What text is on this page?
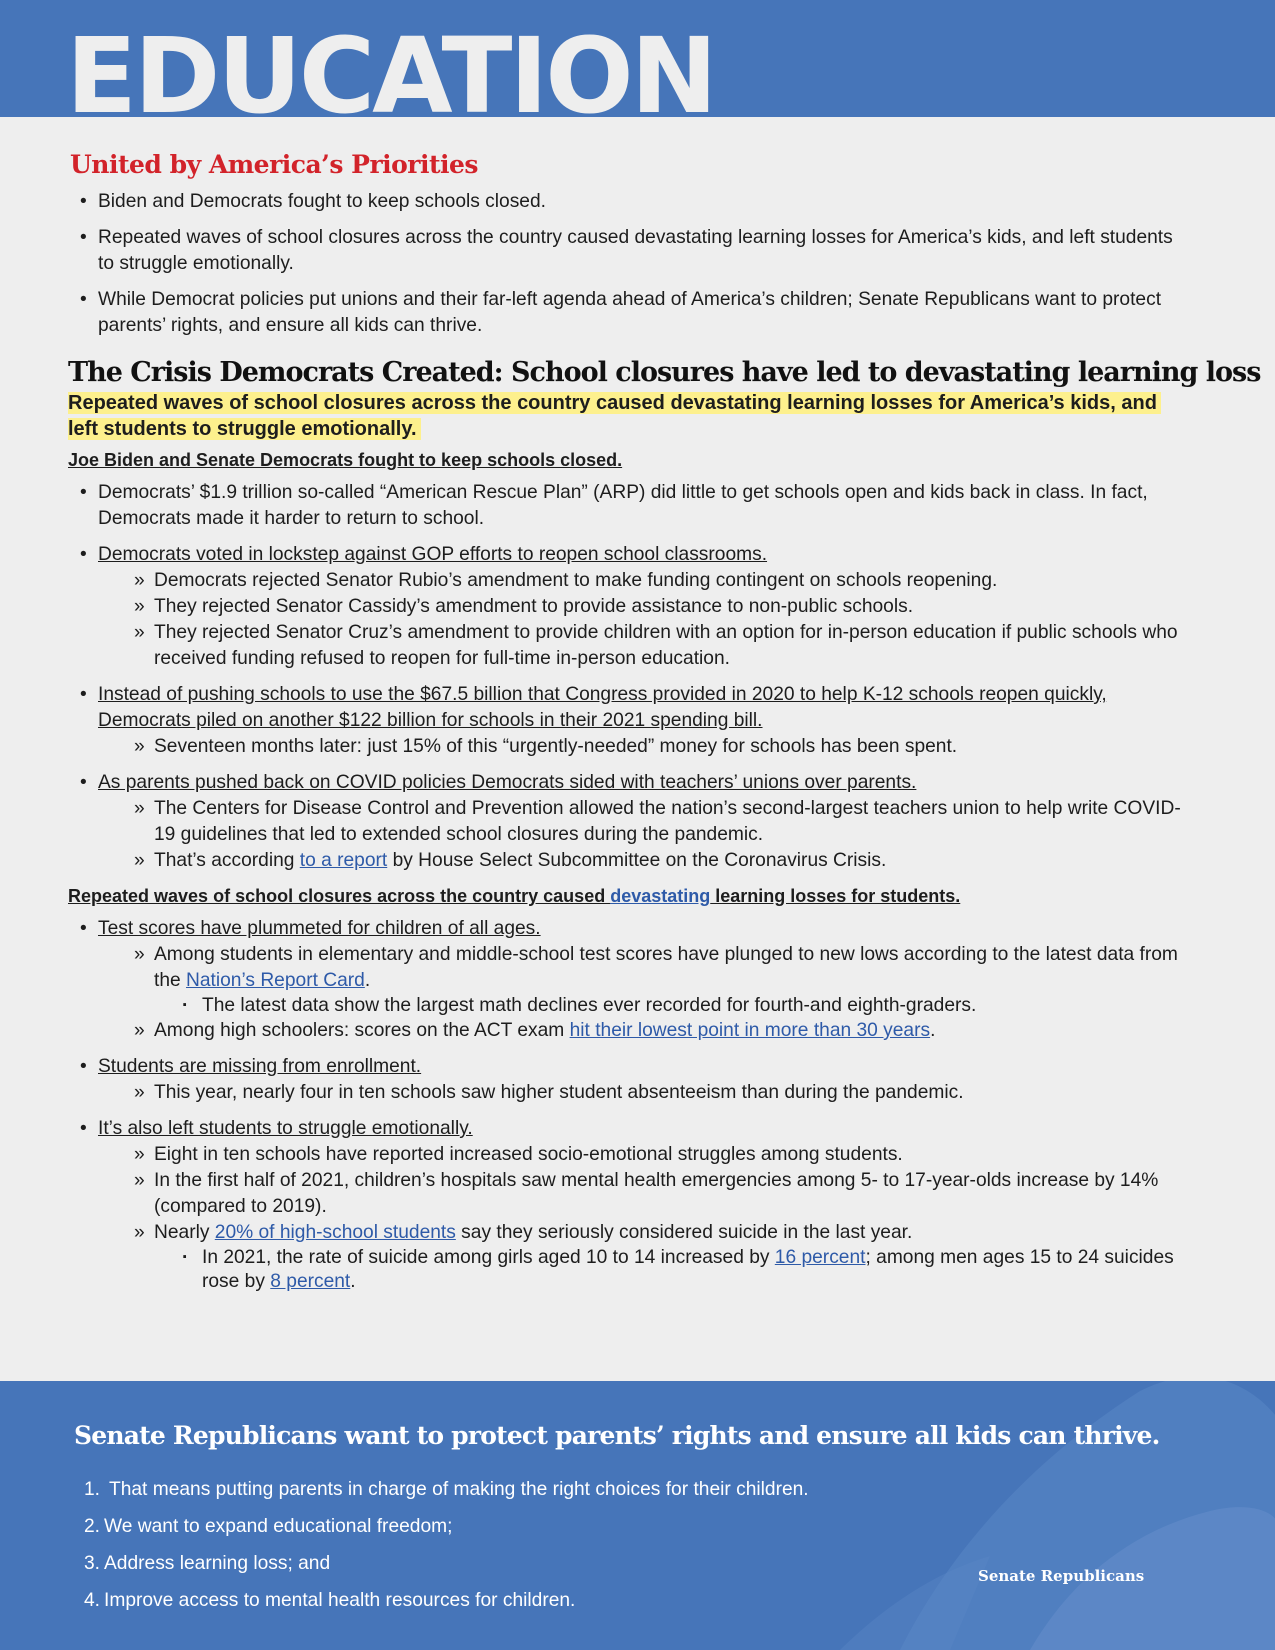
EDUCATION
United by America’s Priorities
• Biden and Democrats fought to keep schools closed.
• Repeated waves of school closures across the country caused devastating learning losses for America’s kids, and left students to struggle emotionally.
• While Democrat policies put unions and their far-left agenda ahead of America’s children; Senate Republicans want to protect parents’ rights, and ensure all kids can thrive.
The Crisis Democrats Created: School closures have led to devastating learning loss
Repeated waves of school closures across the country caused devastating learning losses for America’s kids, and left students to struggle emotionally.
Joe Biden and Senate Democrats fought to keep schools closed.
• Democrats’ $1.9 trillion so-called “American Rescue Plan” (ARP) did little to get schools open and kids back in class. In fact, Democrats made it harder to return to school.
• Democrats voted in lockstep against GOP efforts to reopen school classrooms.
» Democrats rejected Senator Rubio’s amendment to make funding contingent on schools reopening.
» They rejected Senator Cassidy’s amendment to provide assistance to non-public schools.
» They rejected Senator Cruz’s amendment to provide children with an option for in-person education if public schools who received funding refused to reopen for full-time in-person education.
• Instead of pushing schools to use the $67.5 billion that Congress provided in 2020 to help K-12 schools reopen quickly, Democrats piled on another $122 billion for schools in their 2021 spending bill.
» Seventeen months later: just 15% of this “urgently-needed” money for schools has been spent.
• As parents pushed back on COVID policies Democrats sided with teachers’ unions over parents.
» The Centers for Disease Control and Prevention allowed the nation’s second-largest teachers union to help write COVID-19 guidelines that led to extended school closures during the pandemic.
» That’s according to a report by House Select Subcommittee on the Coronavirus Crisis.
Repeated waves of school closures across the country caused devastating learning losses for students.
• Test scores have plummeted for children of all ages.
» Among students in elementary and middle-school test scores have plunged to new lows according to the latest data from the Nation’s Report Card.
· The latest data show the largest math declines ever recorded for fourth-and eighth-graders.
» Among high schoolers: scores on the ACT exam hit their lowest point in more than 30 years.
• Students are missing from enrollment.
» This year, nearly four in ten schools saw higher student absenteeism than during the pandemic.
• It’s also left students to struggle emotionally.
» Eight in ten schools have reported increased socio-emotional struggles among students.
» In the first half of 2021, children’s hospitals saw mental health emergencies among 5- to 17-year-olds increase by 14% (compared to 2019).
» Nearly 20% of high-school students say they seriously considered suicide in the last year.
· In 2021, the rate of suicide among girls aged 10 to 14 increased by 16 percent; among men ages 15 to 24 suicides rose by 8 percent.
Senate Republicans want to protect parents’ rights and ensure all kids can thrive.
1. That means putting parents in charge of making the right choices for their children.
2. We want to expand educational freedom;
3. Address learning loss; and
4. Improve access to mental health resources for children.
Senate Republicans
